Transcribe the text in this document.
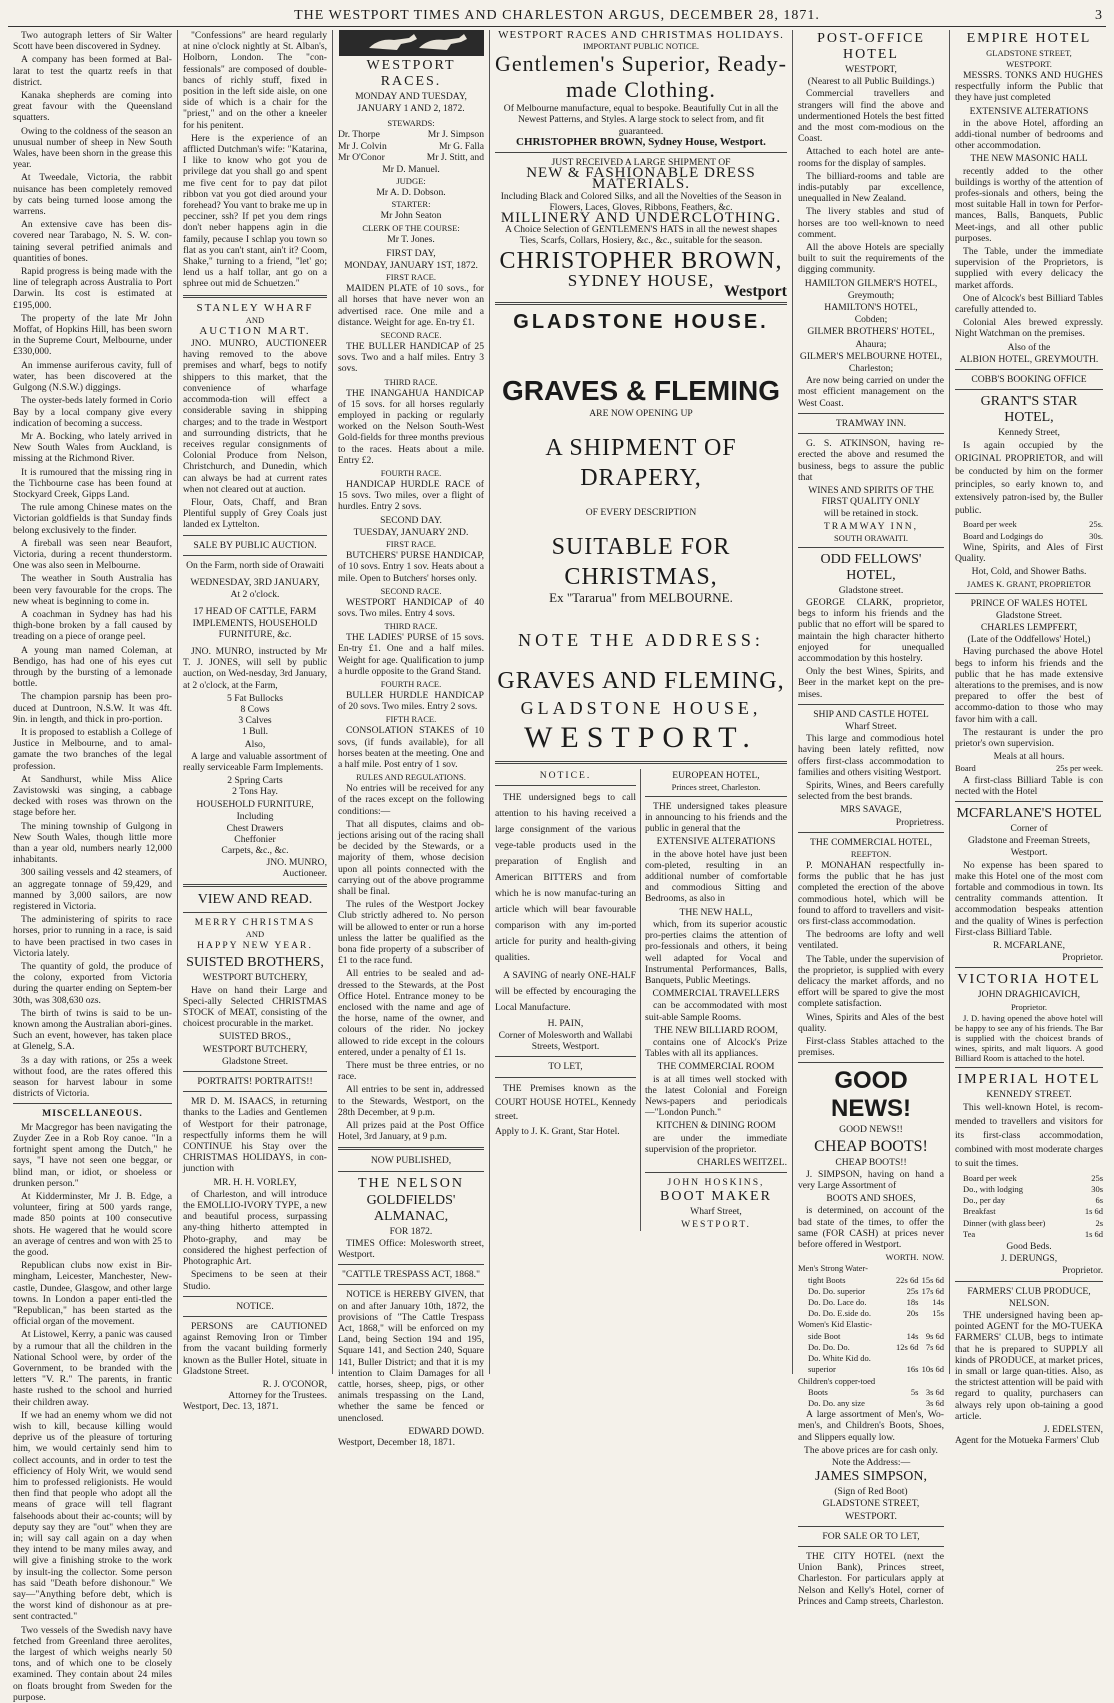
THE WESTPORT TIMES AND CHARLESTON ARGUS, DECEMBER 28, 1871.	3

Two autograph letters of Sir Walter Scott have been discovered in Sydney.

A company has been formed at Bal-larat to test the quartz reefs in that district.

Kanaka shepherds are coming into great favour with the Queensland squatters.

Owing to the coldness of the season an unusual number of sheep in New South Wales, have been shorn in the grease this year.

At Tweedale, Victoria, the rabbit nuisance has been completely removed by cats being turned loose among the warrens.

An extensive cave has been dis-covered near Tarabago, N. S. W. con-taining several petrified animals and quantities of bones.

Rapid progress is being made with the line of telegraph across Australia to Port Darwin. Its cost is estimated at £195,000.

The property of the late Mr John Moffat, of Hopkins Hill, has been sworn in the Supreme Court, Melbourne, under £330,000.

An immense auriferous cavity, full of water, has been discovered at the Gulgong (N.S.W.) diggings.

The oyster-beds lately formed in Corio Bay by a local company give every indication of becoming a success.

Mr A. Bocking, who lately arrived in New South Wales from Auckland, is missing at the Richmond River.

It is rumoured that the missing ring in the Tichbourne case has been found at Stockyard Creek, Gipps Land.

The rule among Chinese mates on the Victorian goldfields is that Sunday finds belong exclusively to the finder.

A fireball was seen near Beaufort, Victoria, during a recent thunderstorm. One was also seen in Melbourne.

The weather in South Australia has been very favourable for the crops. The new wheat is beginning to come in.

A coachman in Sydney has had his thigh-bone broken by a fall caused by treading on a piece of orange peel.

A young man named Coleman, at Bendigo, has had one of his eyes cut through by the bursting of a lemonade bottle.

The champion parsnip has been pro-duced at Duntroon, N.S.W. It was 4ft. 9in. in length, and thick in pro-portion.

It is proposed to establish a College of Justice in Melbourne, and to amal-gamate the two branches of the legal profession.

At Sandhurst, while Miss Alice Zavistowski was singing, a cabbage decked with roses was thrown on the stage before her.

The mining township of Gulgong in New South Wales, though little more than a year old, numbers nearly 12,000 inhabitants.

300 sailing vessels and 42 steamers, of an aggregate tonnage of 59,429, and manned by 3,000 sailors, are now registered in Victoria.

The administering of spirits to race horses, prior to running in a race, is said to have been practised in two cases in Victoria lately.

The quantity of gold, the produce of the colony, exported from Victoria during the quarter ending on Septem-ber 30th, was 308,630 ozs.

The birth of twins is said to be un-known among the Australian abori-gines. Such an event, however, has taken place at Glenelg, S.A.

3s a day with rations, or 25s a week without food, are the rates offered this season for harvest labour in some districts of Victoria.

MISCELLANEOUS.

Mr Macgregor has been navigating the Zuyder Zee in a Rob Roy canoe. "In a fortnight spent among the Dutch," he says, "I have not seen one beggar, or blind man, or idiot, or shoeless or drunken person."

At Kidderminster, Mr J. B. Edge, a volunteer, firing at 500 yards range, made 850 points at 100 consecutive shots. He wagered that he would score an average of centres and won with 25 to the good.

Republican clubs now exist in Bir-mingham, Leicester, Manchester, New-castle, Dundee, Glasgow, and other large towns. In London a paper enti-tled the "Republican," has been started as the official organ of the movement.

At Listowel, Kerry, a panic was caused by a rumour that all the children in the National School were, by order of the Government, to be branded with the letters "V. R." The parents, in frantic haste rushed to the school and hurried their children away.

If we had an enemy whom we did not wish to kill, because killing would deprive us of the pleasure of torturing him, we would certainly send him to collect accounts, and in order to test the efficiency of Holy Writ, we would send him to professed religionists. He would then find that people who adopt all the means of grace will tell flagrant falsehoods about their ac-counts; will by deputy say they are "out" when they are in; will say call again on a day when they intend to be many miles away, and will give a finishing stroke to the work by insult-ing the collector. Some person has said "Death before dishonour." We say—"Anything before debt, which is the worst kind of dishonour as at pre-sent contracted."

Two vessels of the Swedish navy have fetched from Greenland three aerolites, the largest of which weighs nearly 50 tons, and of which one to be closely examined. They contain about 24 miles on floats brought from Sweden for the purpose.

"Confessions" are heard regularly at nine o'clock nightly at St. Alban's, Holborn, London. The "con-fessionals" are composed of double-bancs of richly stuff, fixed in position in the left side aisle, on one side of which is a chair for the "priest," and on the other a kneeler for his penitent.

Here is the experience of an afflicted Dutchman's wife: "Katarina, I like to know who got you de privilege dat you shall go and spent me five cent for to pay dat pilot ribbon vat you got died around your forehead? You vant to brake me up in pecciner, ssh? If pet you dem rings don't neber happens agin in die family, pecause I schlap you town so flat as you can't stant, ain't it? Coom, Shake," turning to a friend, "let' go; lend us a half tollar, ant go on a sphree out mid de Schuetzen."

STANLEY WHARF
AND
AUCTION MART.

JNO. MUNRO, AUCTIONEER having removed to the above premises and wharf, begs to notify shippers to this market, that the convenience of wharfage accommoda-tion will effect a considerable saving in shipping charges; and to the trade in Westport and surrounding districts, that he receives regular consignments of Colonial Produce from Nelson, Christchurch, and Dunedin, which can always be had at current rates when not cleared out at auction.

Flour, Oats, Chaff, and Bran Plentiful supply of Grey Coals just landed ex Lyttelton.

SALE BY PUBLIC AUCTION.
On the Farm, north side of Orawaiti
WEDNESDAY, 3RD JANUARY,
At 2 o'clock.
17 HEAD OF CATTLE, FARM IMPLEMENTS, HOUSEHOLD FURNITURE, &c.

JNO. MUNRO, instructed by Mr T. J. JONES, will sell by public auction, on Wed-nesday, 3rd January, at 2 o'clock, at the Farm,

5 Fat Bullocks
8 Cows
3 Calves
1 Bull.
Also,

A large and valuable assortment of really serviceable Farm Implements.

2 Spring Carts
2 Tons Hay.
HOUSEHOLD FURNITURE,
Including
Chest Drawers
Cheffonier
Carpets, &c., &c.
JNO. MUNRO,
Auctioneer.
VIEW AND READ.
MERRY CHRISTMAS
AND
HAPPY NEW YEAR.
SUISTED BROTHERS,
WESTPORT BUTCHERY,

Have on hand their Large and Speci-ally Selected CHRISTMAS STOCK of MEAT, consisting of the choicest procurable in the market.

SUISTED BROS.,
WESTPORT BUTCHERY,
Gladstone Street.
PORTRAITS! PORTRAITS!!

MR D. M. ISAACS, in returning thanks to the Ladies and Gentlemen of Westport for their patronage, respectfully informs them he will CONTINUE his Stay over the CHRISTMAS HOLIDAYS, in con-junction with

MR. H. H. VORLEY,

of Charleston, and will introduce the EMOLLIO-IVORY TYPE, a new and beautiful process, surpassing any-thing hitherto attempted in Photo-graphy, and may be considered the highest perfection of Photographic Art.

Specimens to be seen at their Studio.

NOTICE.

PERSONS are CAUTIONED against Removing Iron or Timber from the vacant building formerly known as the Buller Hotel, situate in Gladstone Street.

R. J. O'CONOR,
Attorney for the Trustees.
Westport, Dec. 13, 1871.
WESTPORT RACES.
MONDAY AND TUESDAY,
JANUARY 1 AND 2, 1872.
STEWARDS:
Dr. Thorpe	Mr J. Simpson
Mr J. Colvin	Mr G. Falla
Mr O'Conor	Mr J. Stitt, and
Mr D. Manuel.
JUDGE:
Mr A. D. Dobson.
STARTER:
Mr John Seaton
CLERK OF THE COURSE:
Mr T. Jones.
FIRST DAY,
MONDAY, JANUARY 1ST, 1872.
FIRST RACE.

MAIDEN PLATE of 10 sovs., for all horses that have never won an advertised race. One mile and a distance. Weight for age. En-try £1.

SECOND RACE.

THE BULLER HANDICAP of 25 sovs. Two and a half miles. Entry 3 sovs.

THIRD RACE.

THE INANGAHUA HANDICAP of 15 sovs. for all horses regularly employed in packing or regularly worked on the Nelson South-West Gold-fields for three months previous to the races. Heats about a mile. Entry £2.

FOURTH RACE.

HANDICAP HURDLE RACE of 15 sovs. Two miles, over a flight of hurdles. Entry 2 sovs.

SECOND DAY.
TUESDAY, JANUARY 2ND.
FIRST RACE.

BUTCHERS' PURSE HANDICAP, of 10 sovs. Entry 1 sov. Heats about a mile. Open to Butchers' horses only.

SECOND RACE.

WESTPORT HANDICAP of 40 sovs. Two miles. Entry 4 sovs.

THIRD RACE.

THE LADIES' PURSE of 15 sovs. En-try £1. One and a half miles. Weight for age. Qualification to jump a hurdle opposite to the Grand Stand.

FOURTH RACE.

BULLER HURDLE HANDICAP of 20 sovs. Two miles. Entry 2 sovs.

FIFTH RACE.

CONSOLATION STAKES of 10 sovs, (if funds available), for all horses beaten at the meeting. One and a half mile. Post entry of 1 sov.

RULES AND REGULATIONS.

No entries will be received for any of the races except on the following conditions:—

That all disputes, claims and ob-jections arising out of the racing shall be decided by the Stewards, or a majority of them, whose decision upon all points connected with the carrying out of the above programme shall be final.

The rules of the Westport Jockey Club strictly adhered to. No person will be allowed to enter or run a horse unless the latter be qualified as the bona fide property of a subscriber of £1 to the race fund.

All entries to be sealed and ad-dressed to the Stewards, at the Post Office Hotel. Entrance money to be enclosed with the name and age of the horse, name of the owner, and colours of the rider. No jockey allowed to ride except in the colours entered, under a penalty of £1 1s.

There must be three entries, or no race.

All entries to be sent in, addressed to the Stewards, Westport, on the 28th December, at 9 p.m.

All prizes paid at the Post Office Hotel, 3rd January, at 9 p.m.

NOW PUBLISHED,
THE NELSON
GOLDFIELDS' ALMANAC,
FOR 1872.

TIMES Office: Molesworth street, Westport.

"CATTLE TRESPASS ACT, 1868."

NOTICE is HEREBY GIVEN, that on and after January 10th, 1872, the provisions of "The Cattle Trespass Act, 1868," will be enforced on my Land, being Section 194 and 195, Square 141, and Section 240, Square 141, Buller District; and that it is my intention to Claim Damages for all cattle, horses, sheep, pigs, or other animals trespassing on the Land, whether the same be fenced or unenclosed.

EDWARD DOWD.
Westport, December 18, 1871.
WESTPORT RACES AND CHRISTMAS HOLIDAYS.
IMPORTANT PUBLIC NOTICE.
Gentlemen's Superior, Ready-made Clothing.
Of Melbourne manufacture, equal to bespoke. Beautifully Cut in all the Newest Patterns, and Styles. A large stock to select from, and fit guaranteed.
CHRISTOPHER BROWN, Sydney House, Westport.
JUST RECEIVED A LARGE SHIPMENT OF
NEW & FASHIONABLE DRESS MATERIALS.
Including Black and Colored Silks, and all the Novelties of the Season in Flowers, Laces, Gloves, Ribbons, Feathers, &c.
MILLINERY AND UNDERCLOTHING.
A Choice Selection of GENTLEMEN'S HATS in all the newest shapes Ties, Scarfs, Collars, Hosiery, &c., &c., suitable for the season.
CHRISTOPHER BROWN,
SYDNEY HOUSE,
Westport
GLADSTONE HOUSE.
GRAVES & FLEMING
ARE NOW OPENING UP
A SHIPMENT OF DRAPERY,
OF EVERY DESCRIPTION
SUITABLE FOR CHRISTMAS,
Ex "Tararua" from MELBOURNE.
NOTE THE ADDRESS:
GRAVES AND FLEMING,
GLADSTONE HOUSE,
WESTPORT.
NOTICE.

THE undersigned begs to call attention to his having received a large consignment of the various vege-table products used in the preparation of English and American BITTERS and from which he is now manufac-turing an article which will bear favourable comparison with any im-ported article for purity and health-giving qualities.

A SAVING of nearly ONE-HALF will be effected by encouraging the Local Manufacture.

H. PAIN,
Corner of Molesworth and Wallabi Streets, Westport.
TO LET,

THE Premises known as the COURT HOUSE HOTEL, Kennedy street.

Apply to J. K. Grant, Star Hotel.
EUROPEAN HOTEL,
Princes street, Charleston.

THE undersigned takes pleasure in announcing to his friends and the public in general that the

EXTENSIVE ALTERATIONS

in the above hotel have just been com-pleted, resulting in an additional number of comfortable and commodious Sitting and Bedrooms, as also in

THE NEW HALL,

which, from its superior acoustic pro-perties claims the attention of pro-fessionals and others, it being well adapted for Vocal and Instrumental Performances, Balls, Banquets, Public Meetings.

COMMERCIAL TRAVELLERS

can be accommodated with most suit-able Sample Rooms.

THE NEW BILLIARD ROOM,

contains one of Alcock's Prize Tables with all its appliances.

THE COMMERCIAL ROOM

is at all times well stocked with the latest Colonial and Foreign News-papers and periodicals—"London Punch."

KITCHEN & DINING ROOM

are under the immediate supervision of the proprietor.

CHARLES WEITZEL.
JOHN HOSKINS,
BOOT MAKER
Wharf Street,
WESTPORT.
POST-OFFICE HOTEL
WESTPORT,
(Nearest to all Public Buildings.)

Commercial travellers and strangers will find the above and undermentioned Hotels the best fitted and the most com-modious on the Coast.

Attached to each hotel are ante-rooms for the display of samples.

The billiard-rooms and table are indis-putably par excellence, unequalled in New Zealand.

The livery stables and stud of horses are too well-known to need comment.

All the above Hotels are specially built to suit the requirements of the digging community.

HAMILTON GILMER'S HOTEL,
Greymouth;
HAMILTON'S HOTEL,
Cobden;
GILMER BROTHERS' HOTEL,
Ahaura;
GILMER'S MELBOURNE HOTEL,
Charleston;

Are now being carried on under the most efficient management on the West Coast.

TRAMWAY INN.

G. S. ATKINSON, having re-erected the above and resumed the business, begs to assure the public that

WINES AND SPIRITS OF THE FIRST QUALITY ONLY
will be retained in stock.
TRAMWAY INN,
SOUTH ORAWAITI.
ODD FELLOWS' HOTEL,
Gladstone street.

GEORGE CLARK, proprietor, begs to inform his friends and the public that no effort will be spared to maintain the high character hitherto enjoyed for unequalled accommodation by this hostelry.

Only the best Wines, Spirits, and Beer in the market kept on the pre-mises.

SHIP AND CASTLE HOTEL
Wharf Street.

This large and commodious hotel having been lately refitted, now offers first-class accommodation to families and others visiting Westport.

Spirits, Wines, and Beers carefully selected from the best brands.

MRS SAVAGE,
Proprietress.
THE COMMERCIAL HOTEL,
REEFTON.

P. MONAHAN respectfully in-forms the public that he has just completed the erection of the above commodious hotel, which will be found to afford to travellers and visit-ors first-class accommodation.

The bedrooms are lofty and well ventilated.

The Table, under the supervision of the proprietor, is supplied with every delicacy the market affords, and no effort will be spared to give the most complete satisfaction.

Wines, Spirits and Ales of the best quality.

First-class Stables attached to the premises.

GOOD NEWS!
GOOD NEWS!!
CHEAP BOOTS!
CHEAP BOOTS!!

J. SIMPSON, having on hand a very Large Assortment of

BOOTS AND SHOES,

is determined, on account of the bad state of the times, to offer the same (FOR CASH) at prices never before offered in Westport.

	WORTH.	NOW.
Men's Strong Water-		
tight Boots	22s 6d	15s 6d
Do. Do. superior	25s	17s 6d
Do. Do. Lace do.	18s	14s
Do. Do. E.side do.	20s	15s
Women's Kid Elastic-		
side Boot	14s	9s 6d
Do. Do. Do.	12s 6d	7s 6d
Do. White Kid do.		
superior	16s	10s 6d
Children's copper-toed		
Boots	5s	3s 6d
Do. Do. any size		3s 6d

A large assortment of Men's, Wo-men's, and Children's Boots, Shoes, and Slippers equally low.

The above prices are for cash only.
Note the Address:—
JAMES SIMPSON,
(Sign of Red Boot)
GLADSTONE STREET,
WESTPORT.
FOR SALE OR TO LET,

THE CITY HOTEL (next the Union Bank), Princes street, Charleston. For particulars apply at Nelson and Kelly's Hotel, corner of Princes and Camp streets, Charleston.

EMPIRE HOTEL
GLADSTONE STREET,
WESTPORT.

MESSRS. TONKS AND HUGHES respectfully inform the Public that they have just completed

EXTENSIVE ALTERATIONS

in the above Hotel, affording an addi-tional number of bedrooms and other accommodation.

THE NEW MASONIC HALL

recently added to the other buildings is worthy of the attention of profes-sionals and others, being the most suitable Hall in town for Perfor-mances, Balls, Banquets, Public Meet-ings, and all other public purposes.

The Table, under the immediate supervision of the Proprietors, is supplied with every delicacy the market affords.

One of Alcock's best Billiard Tables carefully attended to.

Colonial Ales brewed expressly. Night Watchman on the premises.

Also of the
ALBION HOTEL, GREYMOUTH.
COBB'S BOOKING OFFICE
GRANT'S STAR HOTEL,
Kennedy Street,

Is again occupied by the ORIGINAL PROPRIETOR, and will be conducted by him on the former principles, so early known to, and extensively patron-ised by, the Buller public.

Board per week	25s.
Board and Lodgings do	30s.

Wine, Spirits, and Ales of First Quality.

Hot, Cold, and Shower Baths.
JAMES K. GRANT, PROPRIETOR
PRINCE OF WALES HOTEL
Gladstone Street.
CHARLES LEMPFERT,
(Late of the Oddfellows' Hotel,)

Having purchased the above Hotel begs to inform his friends and the public that he has made extensive alterations to the premises, and is now prepared to offer the best of accommo-dation to those who may favor him with a call.

The restaurant is under the pro prietor's own supervision.

Meals at all hours.
Board	25s per week.

A first-class Billiard Table is con nected with the Hotel

MCFARLANE'S HOTEL
Corner of
Gladstone and Freeman Streets,
Westport.

No expense has been spared to make this Hotel one of the most com fortable and commodious in town. Its centrality commands attention. It accommodation bespeaks attention and the quality of Wines is perfection First-class Billiard Table.

R. MCFARLANE,
Proprietor.
VICTORIA HOTEL
JOHN DRAGHICAVICH,
Proprietor.

J. D. having opened the above hotel will be happy to see any of his friends. The Bar is supplied with the choicest brands of wines, spirits, and malt liquors. A good Billiard Room is attached to the hotel.

IMPERIAL HOTEL
KENNEDY STREET.

This well-known Hotel, is recom-mended to travellers and visitors for its first-class accommodation, combined with most moderate charges to suit the times.

Board per week	25s
Do., with lodging	30s
Do., per day	6s
Breakfast	1s 6d
Dinner (with glass beer)	2s
Tea	1s 6d
Good Beds.
J. DERUNGS,
Proprietor.
FARMERS' CLUB PRODUCE,
NELSON.

THE undersigned having been ap-pointed AGENT for the MO-TUEKA FARMERS' CLUB, begs to intimate that he is prepared to SUPPLY all kinds of PRODUCE, at market prices, in small or large quan-tities. Also, as the strictest attention will be paid with regard to quality, purchasers can always rely upon ob-taining a good article.

J. EDELSTEN,
Agent for the Motueka Farmers' Club
